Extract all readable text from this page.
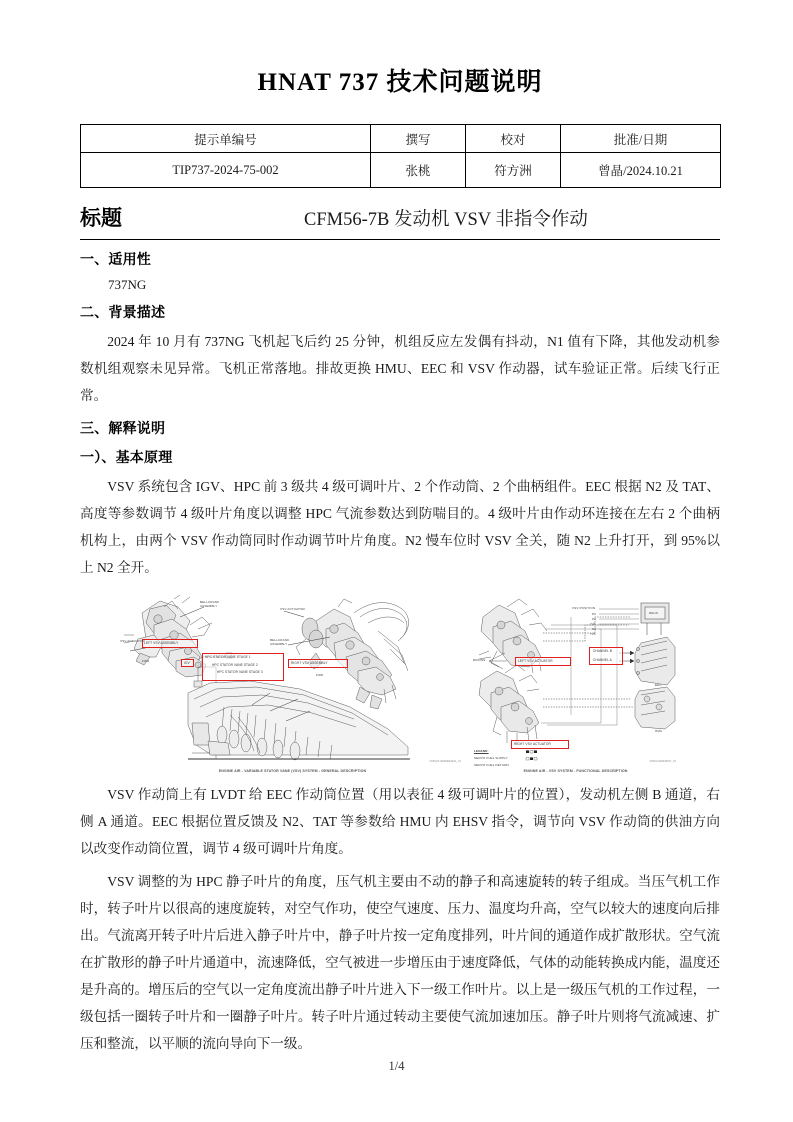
HNAT 737 技术问题说明
提示单编号	撰写	校对	批准/日期
TIP737-2024-75-002	张桃	符方洲	曾晶/2024.10.21
标题	CFM56-7B 发动机 VSV 非指令作动
一、适用性
737NG
二、背景描述

2024 年 10 月有 737NG 飞机起飞后约 25 分钟，机组反应左发偶有抖动，N1 值有下降，其他发动机参数机组观察未见异常。飞机正常落地。排故更换 HMU、EEC 和 VSV 作动器，试车验证正常。后续飞行正常。

三、解释说明
一）、基本原理

VSV 系统包含 IGV、HPC 前 3 级共 4 级可调叶片、2 个作动筒、2 个曲柄组件。EEC 根据 N2 及 TAT、高度等参数调节 4 级叶片角度以调整 HPC 气流参数达到防喘目的。4 级叶片由作动环连接在左右 2 个曲柄机构上，由两个 VSV 作动筒同时作动调节叶片角度。N2 慢车位时 VSV 全关，随 N2 上升打开，到 95%以上 N2 全开。

LEFT VSV ASSEMBLY
IGV
HPC STATOR VANE STAGE 1
HPC STATOR VANE STAGE 2
HPC STATOR VANE STAGE 3
RIGHT VSV ASSEMBLY
BELLCRANK
ASSEMBLY
VSV ACTUATOR
FWD
VSV ACTUATOR
BELLCRANK
ASSEMBLY
FWD
V0SV2X-000000242V1_V1
ENGINE AIR - VARIABLE STATOR VANE (VSV) SYSTEM - GENERAL DESCRIPTION
LEFT VSV ACTUATOR
RIGHT VSV ACTUATOR
CHANNEL B
CHANNEL A
VSV POSITION
P0
P2
T4T
N2
T25
EEC
HMU
DEUS
DRAINS
LEGEND:
SERVO FUEL SUPPLY
SERVO FUEL RETURN
V0SV2-000043157_V1
ENGINE AIR - VSV SYSTEM - FUNCTIONAL DESCRIPTION

VSV 作动筒上有 LVDT 给 EEC 作动筒位置（用以表征 4 级可调叶片的位置），发动机左侧 B 通道，右侧 A 通道。EEC 根据位置反馈及 N2、TAT 等参数给 HMU 内 EHSV 指令，调节向 VSV 作动筒的供油方向以改变作动筒位置，调节 4 级可调叶片角度。

VSV 调整的为 HPC 静子叶片的角度，压气机主要由不动的静子和高速旋转的转子组成。当压气机工作时，转子叶片以很高的速度旋转，对空气作功，使空气速度、压力、温度均升高，空气以较大的速度向后排出。气流离开转子叶片后进入静子叶片中，静子叶片按一定角度排列，叶片间的通道作成扩散形状。空气流在扩散形的静子叶片通道中，流速降低，空气被进一步增压由于速度降低，气体的动能转换成内能，温度还是升高的。增压后的空气以一定角度流出静子叶片进入下一级工作叶片。以上是一级压气机的工作过程，一级包括一圈转子叶片和一圈静子叶片。转子叶片通过转动主要使气流加速加压。静子叶片则将气流减速、扩压和整流，以平顺的流向导向下一级。

1/4
